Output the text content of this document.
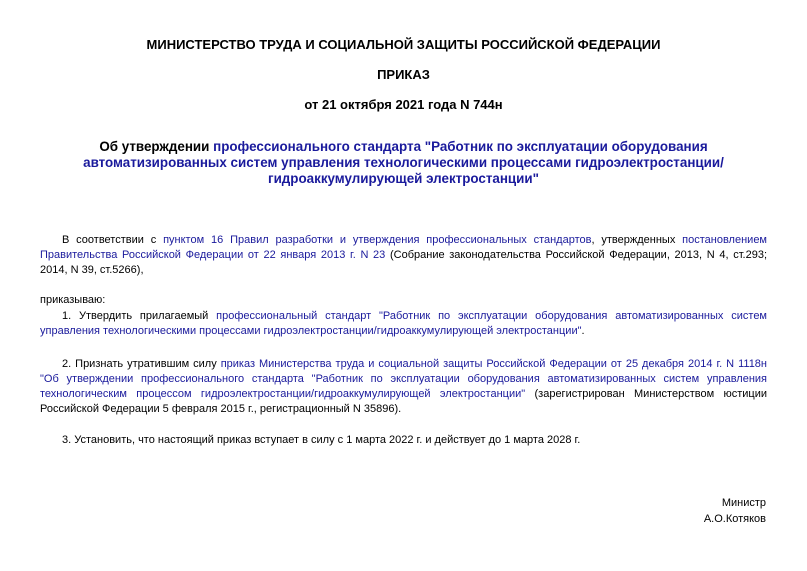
МИНИСТЕРСТВО ТРУДА И СОЦИАЛЬНОЙ ЗАЩИТЫ РОССИЙСКОЙ ФЕДЕРАЦИИ
ПРИКАЗ
от 21 октября 2021 года N 744н
Об утверждении профессионального стандарта "Работник по эксплуатации оборудования автоматизированных систем управления технологическими процессами гидроэлектростанции/гидроаккумулирующей электростанции"
В соответствии с пунктом 16 Правил разработки и утверждения профессиональных стандартов, утвержденных постановлением Правительства Российской Федерации от 22 января 2013 г. N 23 (Собрание законодательства Российской Федерации, 2013, N 4, ст.293; 2014, N 39, ст.5266),
приказываю:
1. Утвердить прилагаемый профессиональный стандарт "Работник по эксплуатации оборудования автоматизированных систем управления технологическими процессами гидроэлектростанции/гидроаккумулирующей электростанции".
2. Признать утратившим силу приказ Министерства труда и социальной защиты Российской Федерации от 25 декабря 2014 г. N 1118н "Об утверждении профессионального стандарта "Работник по эксплуатации оборудования автоматизированных систем управления технологическим процессом гидроэлектростанции/гидроаккумулирующей электростанции" (зарегистрирован Министерством юстиции Российской Федерации 5 февраля 2015 г., регистрационный N 35896).
3. Установить, что настоящий приказ вступает в силу с 1 марта 2022 г. и действует до 1 марта 2028 г.
Министр
А.О.Котяков
